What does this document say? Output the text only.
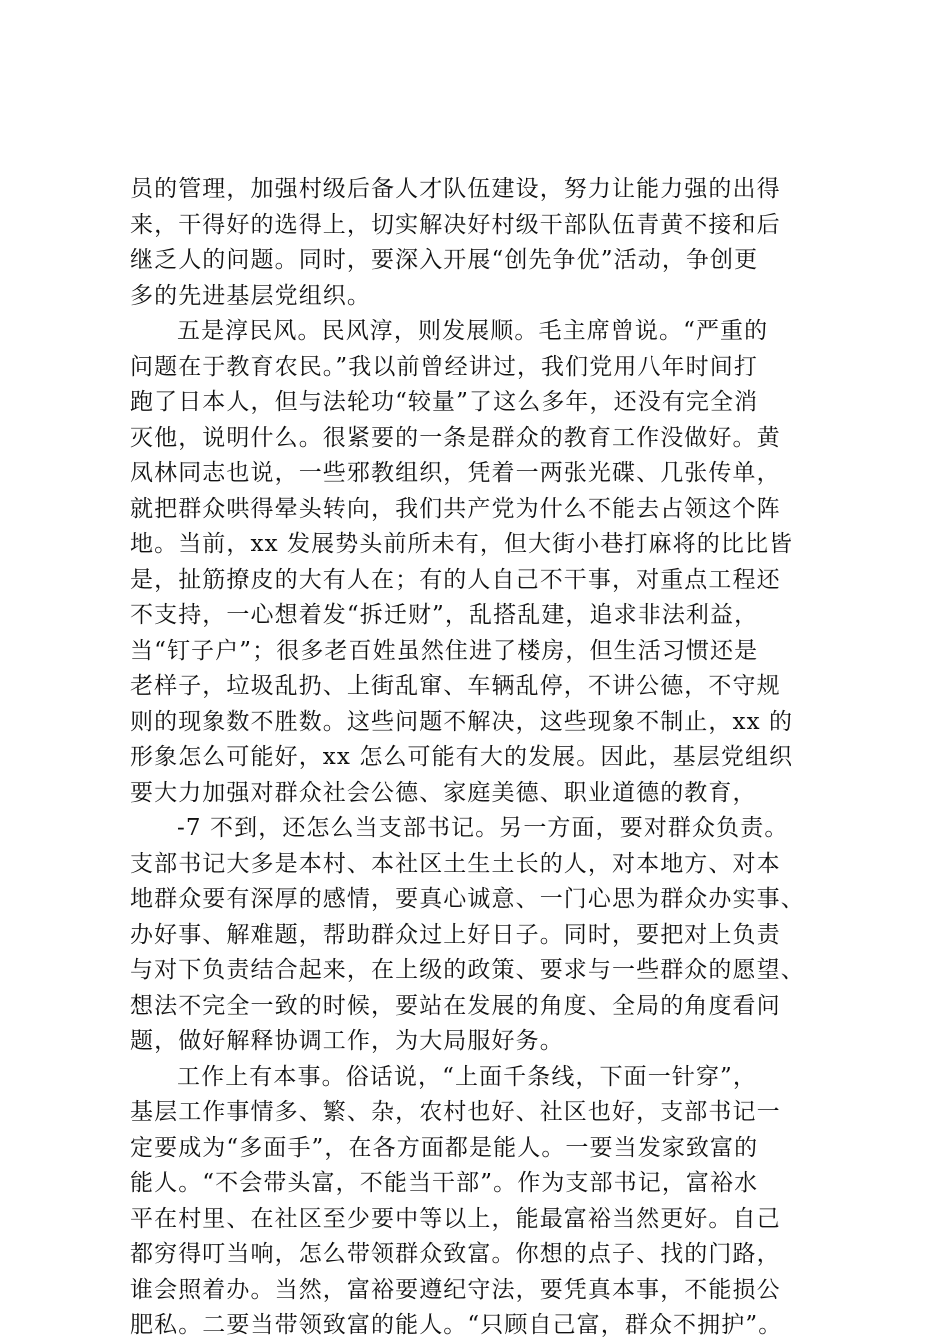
员的管理，加强村级后备人才队伍建设，努力让能力强的出得
来，干得好的选得上，切实解决好村级干部队伍青黄不接和后
继乏人的问题。同时，要深入开展“创先争优”活动，争创更
多的先进基层党组织。
五是淳民风。民风淳，则发展顺。毛主席曾说。“严重的
问题在于教育农民。”我以前曾经讲过，我们党用八年时间打
跑了日本人，但与法轮功“较量”了这么多年，还没有完全消
灭他，说明什么。很紧要的一条是群众的教育工作没做好。黄
凤林同志也说，一些邪教组织，凭着一两张光碟、几张传单，
就把群众哄得晕头转向，我们共产党为什么不能去占领这个阵
地。当前，xx 发展势头前所未有，但大街小巷打麻将的比比皆
是，扯筋撩皮的大有人在；有的人自己不干事，对重点工程还
不支持，一心想着发“拆迁财”，乱搭乱建，追求非法利益，
当“钉子户”；很多老百姓虽然住进了楼房，但生活习惯还是
老样子，垃圾乱扔、上街乱窜、车辆乱停，不讲公德，不守规
则的现象数不胜数。这些问题不解决，这些现象不制止，xx 的
形象怎么可能好，xx 怎么可能有大的发展。因此，基层党组织
要大力加强对群众社会公德、家庭美德、职业道德的教育，
-7 不到，还怎么当支部书记。另一方面，要对群众负责。
支部书记大多是本村、本社区土生土长的人，对本地方、对本
地群众要有深厚的感情，要真心诚意、一门心思为群众办实事、
办好事、解难题，帮助群众过上好日子。同时，要把对上负责
与对下负责结合起来，在上级的政策、要求与一些群众的愿望、
想法不完全一致的时候，要站在发展的角度、全局的角度看问
题，做好解释协调工作，为大局服好务。
工作上有本事。俗话说，“上面千条线，下面一针穿”，
基层工作事情多、繁、杂，农村也好、社区也好，支部书记一
定要成为“多面手”，在各方面都是能人。一要当发家致富的
能人。“不会带头富，不能当干部”。作为支部书记，富裕水
平在村里、在社区至少要中等以上，能最富裕当然更好。自己
都穷得叮当响，怎么带领群众致富。你想的点子、找的门路，
谁会照着办。当然，富裕要遵纪守法，要凭真本事，不能损公
肥私。二要当带领致富的能人。“只顾自己富，群众不拥护”。
